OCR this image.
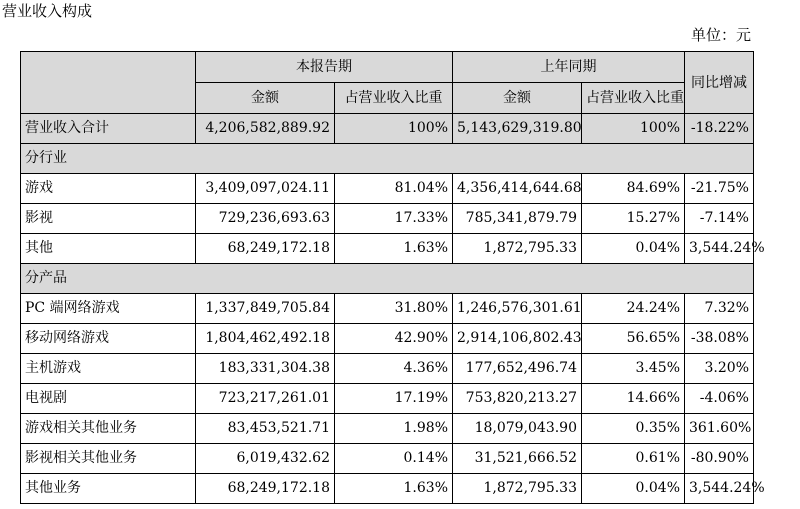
营业收入构成
单位：元
	本报告期		上年同期		同比增减
	金额	占营业收入比重	金额	占营业收入比重	
营业收入合计	4,206,582,889.92	100%	5,143,629,319.80	100%	-18.22%
分行业					
游戏	3,409,097,024.11	81.04%	4,356,414,644.68	84.69%	-21.75%
影视	729,236,693.63	17.33%	785,341,879.79	15.27%	-7.14%
其他	68,249,172.18	1.63%	1,872,795.33	0.04%	3,544.24%
分产品					
PC 端网络游戏	1,337,849,705.84	31.80%	1,246,576,301.61	24.24%	7.32%
移动网络游戏	1,804,462,492.18	42.90%	2,914,106,802.43	56.65%	-38.08%
主机游戏	183,331,304.38	4.36%	177,652,496.74	3.45%	3.20%
电视剧	723,217,261.01	17.19%	753,820,213.27	14.66%	-4.06%
游戏相关其他业务	83,453,521.71	1.98%	18,079,043.90	0.35%	361.60%
影视相关其他业务	6,019,432.62	0.14%	31,521,666.52	0.61%	-80.90%
其他业务	68,249,172.18	1.63%	1,872,795.33	0.04%	3,544.24%
